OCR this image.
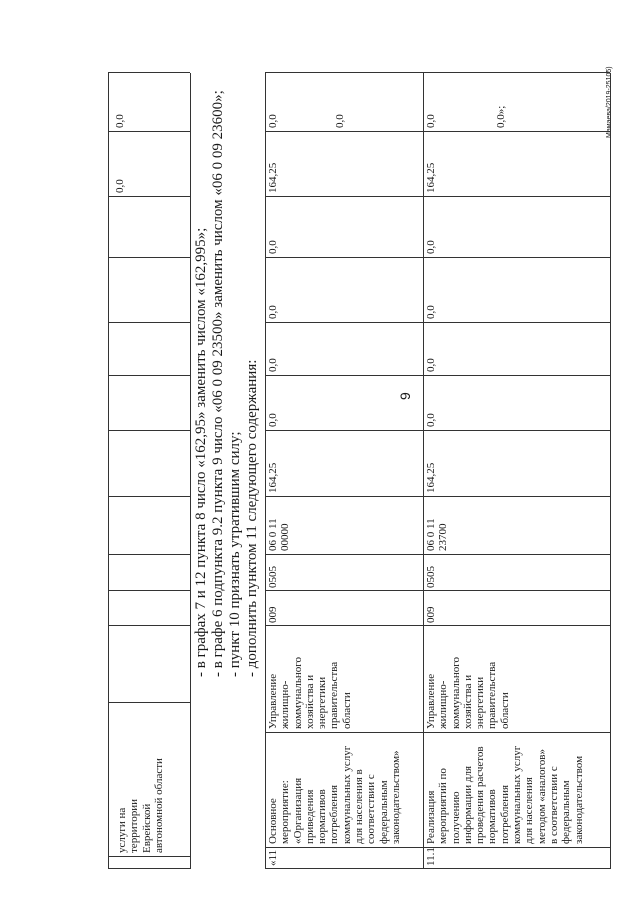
9
Мамаева/2019-25105)
услуги на
территории
Еврейской
автономной области
0,0
0,0
- в графах 7 и 12 пункта 8 число «162,95» заменить числом «162,995»; - в графе 6 подпункта 9.2 пункта 9 число «06 0 09 23500» заменить числом «06 0 09 23600»; - пункт 10 признать утратившим силу; - дополнить пунктом 11 следующего содержания:
«11
Основное
мероприятие:
«Организация
приведения
нормативов
потребления
коммунальных услуг
для населения в
соответствии с
федеральным
законодательством»
Управление
жилищно-
коммунального
хозяйства и
энергетики
правительства
области
009
0505
06 0 11
00000
164,25
0,0
0,0
0,0
0,0
164,25
0,0	0,0
11.1
Реализация
мероприятий по
получению
информации для
проведения расчетов
нормативов
потребления
коммунальных услуг
для населения
методом «аналогов»
в соответствии с
федеральным
законодательством
Управление
жилищно-
коммунального
хозяйства и
энергетики
правительства
области
009
0505
06 0 11
23700
164,25
0,0
0,0
0,0
0,0
164,25
0,0	0,0»;
